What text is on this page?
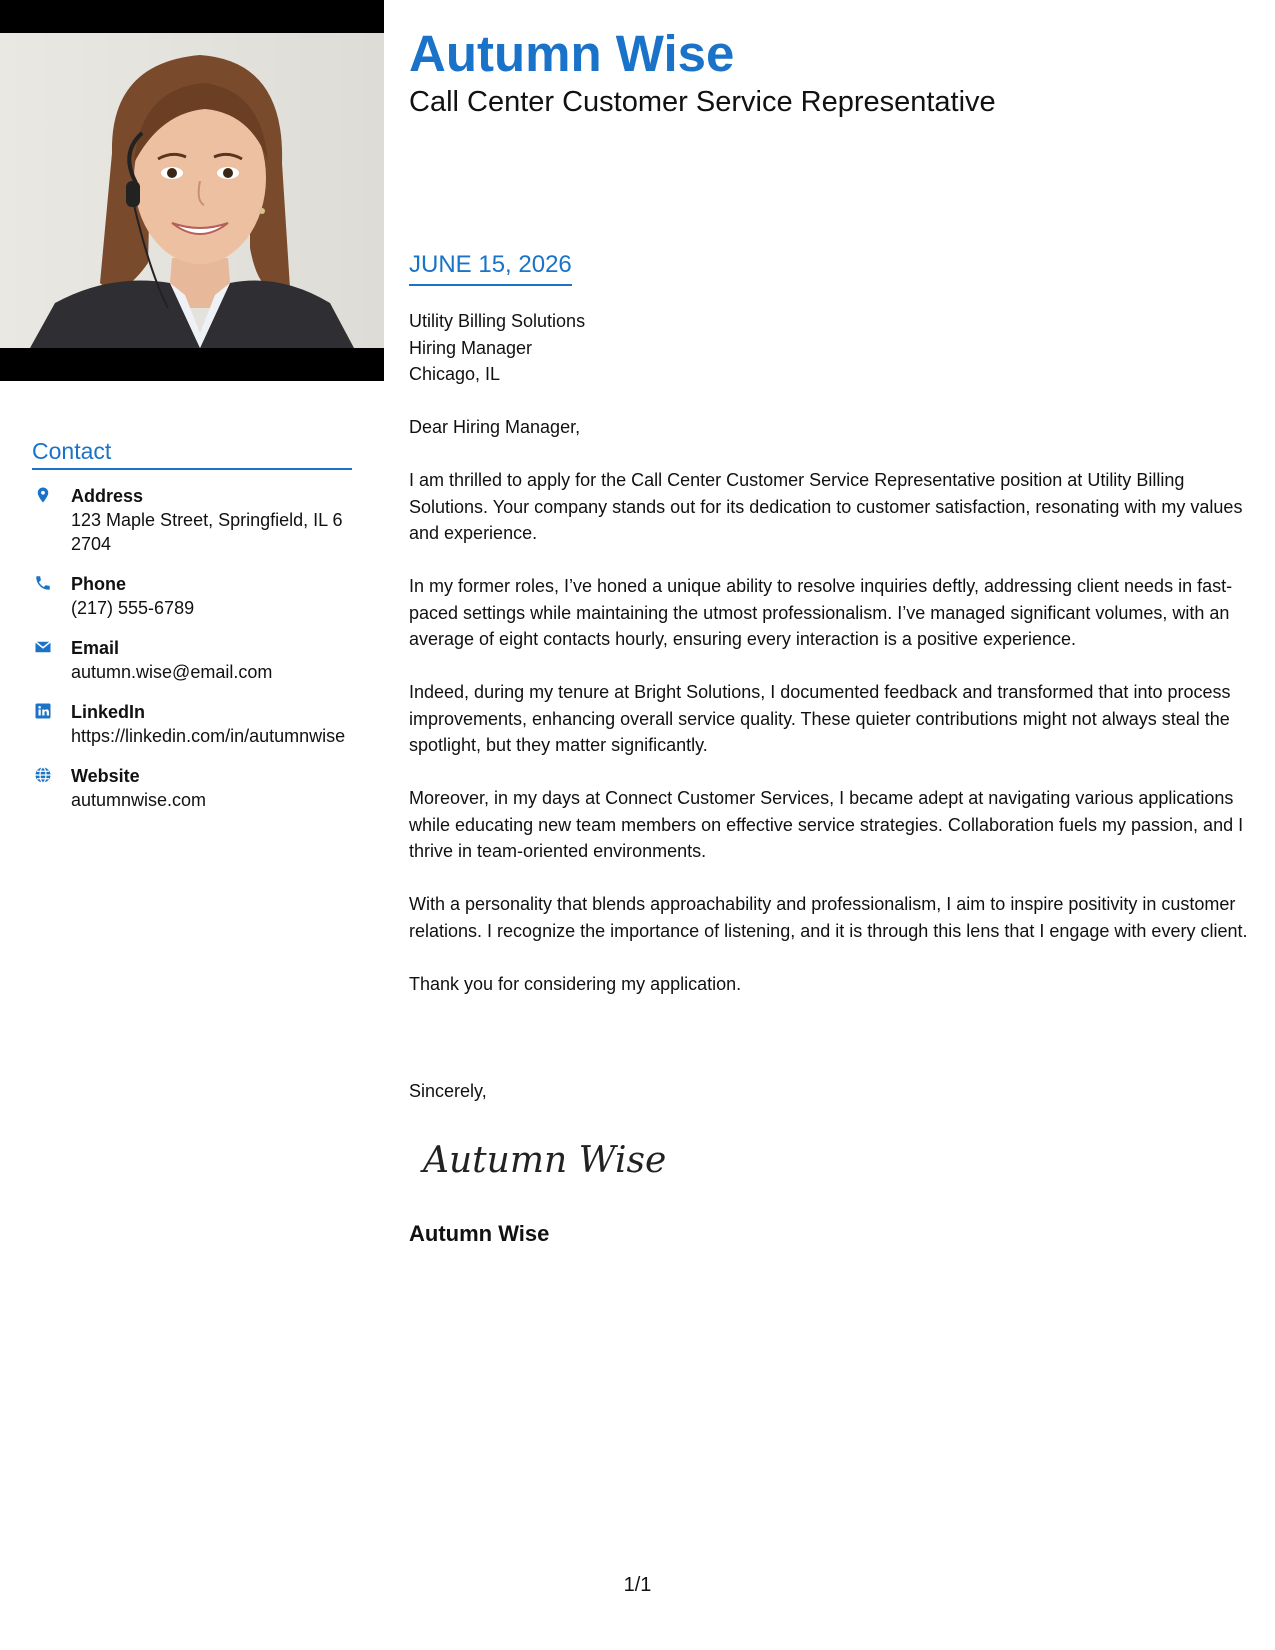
Contact
Address
123 Maple Street, Springfield, IL 62704
Phone
(217) 555-6789
Email
autumn.wise@email.com
LinkedIn
https://linkedin.com/in/autumnwise
Website
autumnwise.com
Autumn Wise
Call Center Customer Service Representative
JUNE 15, 2026

Utility Billing Solutions
Hiring Manager
Chicago, IL

Dear Hiring Manager,

I am thrilled to apply for the Call Center Customer Service Representative position at Utility Billing Solutions. Your company stands out for its dedication to customer satisfaction, resonating with my values and experience.

In my former roles, I’ve honed a unique ability to resolve inquiries deftly, addressing client needs in fast-paced settings while maintaining the utmost professionalism. I’ve managed significant volumes, with an average of eight contacts hourly, ensuring every interaction is a positive experience.

Indeed, during my tenure at Bright Solutions, I documented feedback and transformed that into process improvements, enhancing overall service quality. These quieter contributions might not always steal the spotlight, but they matter significantly.

Moreover, in my days at Connect Customer Services, I became adept at navigating various applications while educating new team members on effective service strategies. Collaboration fuels my passion, and I thrive in team-oriented environments.

With a personality that blends approachability and professionalism, I aim to inspire positivity in customer relations. I recognize the importance of listening, and it is through this lens that I engage with every client.

Thank you for considering my application.

Sincerely,
Autumn Wise
Autumn Wise
1/1
